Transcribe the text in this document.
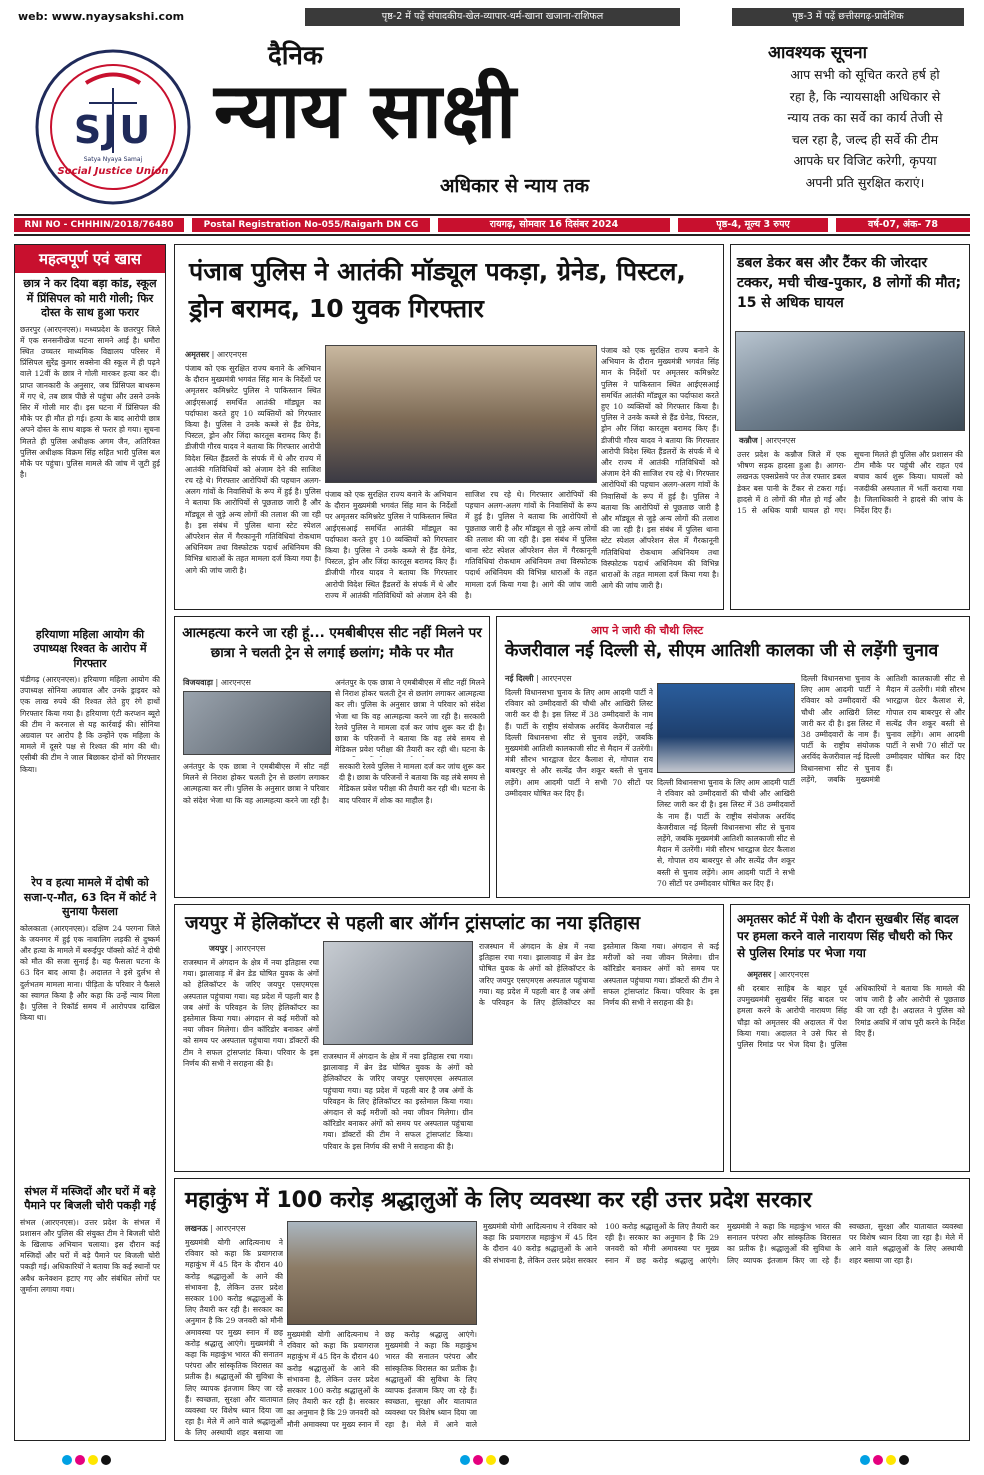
web: www.nyaysakshi.com	पृष्ठ-2 में पढ़ें संपादकीय-खेल-व्यापार-धर्म-खाना खजाना-राशिफल	पृष्ठ-3 में पढ़ें छत्तीसगढ़-प्रादेशिक
SJU
Social Justice Union
Satya Nyaya Samaj
दैनिक
न्याय साक्षी
अधिकार से न्याय तक
आवश्यक सूचना
आप सभी को सूचित करते हर्ष हो
रहा है, कि न्यायसाक्षी अधिकार से
न्याय तक का सर्वे का कार्य तेजी से
चल रहा है, जल्द ही सर्वे की टीम
आपके घर विजिट करेगी, कृपया
अपनी प्रति सुरक्षित कराएं।
RNI NO - CHHHIN/2018/76480	Postal Registration No-055/Raigarh DN CG	रायगढ़, सोमवार 16 दिसंबर 2024	पृष्ठ-4, मूल्य 3 रुपए	वर्ष-07, अंक- 78
महत्वपूर्ण एवं खास
छात्र ने कर दिया बड़ा कांड, स्कूल में प्रिंसिपल को मारी गोली; फिर दोस्त के साथ हुआ फरार
छतरपुर (आरएनएस)। मध्यप्रदेश के छतरपुर जिले में एक सनसनीखेज घटना सामने आई है। धमौरा स्थित उच्चतर माध्यमिक विद्यालय परिसर में प्रिंसिपल सुरेंद्र कुमार सक्सेना की स्कूल में ही पढ़ने वाले 12वीं के छात्र ने गोली मारकर हत्या कर दी। प्राप्त जानकारी के अनुसार, जब प्रिंसिपल बाथरूम में गए थे, तब छात्र पीछे से पहुंचा और उसने उनके सिर में गोली मार दी। इस घटना में प्रिंसिपल की मौके पर ही मौत हो गई। हत्या के बाद आरोपी छात्र अपने दोस्त के साथ बाइक से फरार हो गया। सूचना मिलते ही पुलिस अधीक्षक अगम जैन, अतिरिक्त पुलिस अधीक्षक विक्रम सिंह सहित भारी पुलिस बल मौके पर पहुंचा। पुलिस मामले की जांच में जुटी हुई है।
हरियाणा महिला आयोग की उपाध्यक्ष रिश्वत के आरोप में गिरफ्तार
चंडीगढ़ (आरएनएस)। हरियाणा महिला आयोग की उपाध्यक्ष सोनिया अग्रवाल और उनके ड्राइवर को एक लाख रुपये की रिश्वत लेते हुए रंगे हाथों गिरफ्तार किया गया है। हरियाणा एंटी करप्शन ब्यूरो की टीम ने करनाल से यह कार्रवाई की। सोनिया अग्रवाल पर आरोप है कि उन्होंने एक महिला के मामले में दूसरे पक्ष से रिश्वत की मांग की थी। एसीबी की टीम ने जाल बिछाकर दोनों को गिरफ्तार किया।
रेप व हत्या मामले में दोषी को सजा-ए-मौत, 63 दिन में कोर्ट ने सुनाया फैसला
कोलकाता (आरएनएस)। दक्षिण 24 परगना जिले के जयनगर में हुई एक नाबालिग लड़की से दुष्कर्म और हत्या के मामले में बरूईपुर पॉक्सो कोर्ट ने दोषी को मौत की सजा सुनाई है। यह फैसला घटना के 63 दिन बाद आया है। अदालत ने इसे दुर्लभ से दुर्लभतम मामला माना। पीड़िता के परिवार ने फैसले का स्वागत किया है और कहा कि उन्हें न्याय मिला है। पुलिस ने रिकॉर्ड समय में आरोपपत्र दाखिल किया था।
संभल में मस्जिदों और घरों में बड़े पैमाने पर बिजली चोरी पकड़ी गई
संभल (आरएनएस)। उत्तर प्रदेश के संभल में प्रशासन और पुलिस की संयुक्त टीम ने बिजली चोरी के खिलाफ अभियान चलाया। इस दौरान कई मस्जिदों और घरों में बड़े पैमाने पर बिजली चोरी पकड़ी गई। अधिकारियों ने बताया कि कई स्थानों पर अवैध कनेक्शन हटाए गए और संबंधित लोगों पर जुर्माना लगाया गया।
पंजाब पुलिस ने आतंकी मॉड्यूल पकड़ा, ग्रेनेड, पिस्टल, ड्रोन बरामद, 10 युवक गिरफ्तार
अमृतसर | आरएनएस
पंजाब को एक सुरक्षित राज्य बनाने के अभियान के दौरान मुख्यमंत्री भगवंत सिंह मान के निर्देशों पर अमृतसर कमिश्नरेट पुलिस ने पाकिस्तान स्थित आईएसआई समर्थित आतंकी मॉड्यूल का पर्दाफाश करते हुए 10 व्यक्तियों को गिरफ्तार किया है। पुलिस ने उनके कब्जे से हैंड ग्रेनेड, पिस्टल, ड्रोन और जिंदा कारतूस बरामद किए हैं। डीजीपी गौरव यादव ने बताया कि गिरफ्तार आरोपी विदेश स्थित हैंडलरों के संपर्क में थे और राज्य में आतंकी गतिविधियों को अंजाम देने की साजिश रच रहे थे। गिरफ्तार आरोपियों की पहचान अलग-अलग गांवों के निवासियों के रूप में हुई है। पुलिस ने बताया कि आरोपियों से पूछताछ जारी है और मॉड्यूल से जुड़े अन्य लोगों की तलाश की जा रही है। इस संबंध में पुलिस थाना स्टेट स्पेशल ऑपरेशन सेल में गैरकानूनी गतिविधियां रोकथाम अधिनियम तथा विस्फोटक पदार्थ अधिनियम की विभिन्न धाराओं के तहत मामला दर्ज किया गया है। आगे की जांच जारी है।
पंजाब को एक सुरक्षित राज्य बनाने के अभियान के दौरान मुख्यमंत्री भगवंत सिंह मान के निर्देशों पर अमृतसर कमिश्नरेट पुलिस ने पाकिस्तान स्थित आईएसआई समर्थित आतंकी मॉड्यूल का पर्दाफाश करते हुए 10 व्यक्तियों को गिरफ्तार किया है। पुलिस ने उनके कब्जे से हैंड ग्रेनेड, पिस्टल, ड्रोन और जिंदा कारतूस बरामद किए हैं। डीजीपी गौरव यादव ने बताया कि गिरफ्तार आरोपी विदेश स्थित हैंडलरों के संपर्क में थे और राज्य में आतंकी गतिविधियों को अंजाम देने की साजिश रच रहे थे। गिरफ्तार आरोपियों की पहचान अलग-अलग गांवों के निवासियों के रूप में हुई है। पुलिस ने बताया कि आरोपियों से पूछताछ जारी है और मॉड्यूल से जुड़े अन्य लोगों की तलाश की जा रही है। इस संबंध में पुलिस थाना स्टेट स्पेशल ऑपरेशन सेल में गैरकानूनी गतिविधियां रोकथाम अधिनियम तथा विस्फोटक पदार्थ अधिनियम की विभिन्न धाराओं के तहत मामला दर्ज किया गया है। आगे की जांच जारी है।
पंजाब को एक सुरक्षित राज्य बनाने के अभियान के दौरान मुख्यमंत्री भगवंत सिंह मान के निर्देशों पर अमृतसर कमिश्नरेट पुलिस ने पाकिस्तान स्थित आईएसआई समर्थित आतंकी मॉड्यूल का पर्दाफाश करते हुए 10 व्यक्तियों को गिरफ्तार किया है। पुलिस ने उनके कब्जे से हैंड ग्रेनेड, पिस्टल, ड्रोन और जिंदा कारतूस बरामद किए हैं। डीजीपी गौरव यादव ने बताया कि गिरफ्तार आरोपी विदेश स्थित हैंडलरों के संपर्क में थे और राज्य में आतंकी गतिविधियों को अंजाम देने की साजिश रच रहे थे। गिरफ्तार आरोपियों की पहचान अलग-अलग गांवों के निवासियों के रूप में हुई है। पुलिस ने बताया कि आरोपियों से पूछताछ जारी है और मॉड्यूल से जुड़े अन्य लोगों की तलाश की जा रही है। इस संबंध में पुलिस थाना स्टेट स्पेशल ऑपरेशन सेल में गैरकानूनी गतिविधियां रोकथाम अधिनियम तथा विस्फोटक पदार्थ अधिनियम की विभिन्न धाराओं के तहत मामला दर्ज किया गया है। आगे की जांच जारी है।
डबल डेकर बस और टैंकर की जोरदार टक्कर, मची चीख-पुकार, 8 लोगों की मौत; 15 से अधिक घायल
कन्नौज | आरएनएस
उत्तर प्रदेश के कन्नौज जिले में एक भीषण सड़क हादसा हुआ है। आगरा-लखनऊ एक्सप्रेसवे पर तेज रफ्तार डबल डेकर बस पानी के टैंकर से टकरा गई। हादसे में 8 लोगों की मौत हो गई और 15 से अधिक यात्री घायल हो गए। सूचना मिलते ही पुलिस और प्रशासन की टीम मौके पर पहुंची और राहत एवं बचाव कार्य शुरू किया। घायलों को नजदीकी अस्पताल में भर्ती कराया गया है। जिलाधिकारी ने हादसे की जांच के निर्देश दिए हैं।
आत्महत्या करने जा रही हूं... एमबीबीएस सीट नहीं मिलने पर छात्रा ने चलती ट्रेन से लगाई छलांग; मौके पर मौत
विजयवाड़ा | आरएनएस	अनंतपुर के एक छात्रा ने एमबीबीएस में सीट नहीं मिलने से निराश होकर चलती ट्रेन से छलांग लगाकर आत्महत्या कर ली। पुलिस के अनुसार छात्रा ने परिवार को संदेश भेजा था कि वह आत्महत्या करने जा रही है। सरकारी रेलवे पुलिस ने मामला दर्ज कर जांच शुरू कर दी है। छात्रा के परिजनों ने बताया कि वह लंबे समय से मेडिकल प्रवेश परीक्षा की तैयारी कर रही थी। घटना के
अनंतपुर के एक छात्रा ने एमबीबीएस में सीट नहीं मिलने से निराश होकर चलती ट्रेन से छलांग लगाकर आत्महत्या कर ली। पुलिस के अनुसार छात्रा ने परिवार को संदेश भेजा था कि वह आत्महत्या करने जा रही है। सरकारी रेलवे पुलिस ने मामला दर्ज कर जांच शुरू कर दी है। छात्रा के परिजनों ने बताया कि वह लंबे समय से मेडिकल प्रवेश परीक्षा की तैयारी कर रही थी। घटना के बाद परिवार में शोक का माहौल है।
आप ने जारी की चौथी लिस्ट
केजरीवाल नई दिल्ली से, सीएम आतिशी कालका जी से लड़ेंगी चुनाव
नई दिल्ली | आरएनएस
दिल्ली विधानसभा चुनाव के लिए आम आदमी पार्टी ने रविवार को उम्मीदवारों की चौथी और आखिरी लिस्ट जारी कर दी है। इस लिस्ट में 38 उम्मीदवारों के नाम हैं। पार्टी के राष्ट्रीय संयोजक अरविंद केजरीवाल नई दिल्ली विधानसभा सीट से चुनाव लड़ेंगे, जबकि मुख्यमंत्री आतिशी कालकाजी सीट से मैदान में उतरेंगी। मंत्री सौरभ भारद्वाज ग्रेटर कैलाश से, गोपाल राय बाबरपुर से और सत्येंद्र जैन शकूर बस्ती से चुनाव लड़ेंगे। आम आदमी पार्टी ने सभी 70 सीटों पर उम्मीदवार घोषित कर दिए हैं।
दिल्ली विधानसभा चुनाव के लिए आम आदमी पार्टी ने रविवार को उम्मीदवारों की चौथी और आखिरी लिस्ट जारी कर दी है। इस लिस्ट में 38 उम्मीदवारों के नाम हैं। पार्टी के राष्ट्रीय संयोजक अरविंद केजरीवाल नई दिल्ली विधानसभा सीट से चुनाव लड़ेंगे, जबकि मुख्यमंत्री आतिशी कालकाजी सीट से मैदान में उतरेंगी। मंत्री सौरभ भारद्वाज ग्रेटर कैलाश से, गोपाल राय बाबरपुर से और सत्येंद्र जैन शकूर बस्ती से चुनाव लड़ेंगे। आम आदमी पार्टी ने सभी 70 सीटों पर उम्मीदवार घोषित कर दिए हैं।
दिल्ली विधानसभा चुनाव के लिए आम आदमी पार्टी ने रविवार को उम्मीदवारों की चौथी और आखिरी लिस्ट जारी कर दी है। इस लिस्ट में 38 उम्मीदवारों के नाम हैं। पार्टी के राष्ट्रीय संयोजक अरविंद केजरीवाल नई दिल्ली विधानसभा सीट से चुनाव लड़ेंगे, जबकि मुख्यमंत्री आतिशी कालकाजी सीट से मैदान में उतरेंगी। मंत्री सौरभ भारद्वाज ग्रेटर कैलाश से, गोपाल राय बाबरपुर से और सत्येंद्र जैन शकूर बस्ती से चुनाव लड़ेंगे। आम आदमी पार्टी ने सभी 70 सीटों पर उम्मीदवार घोषित कर दिए हैं।
जयपुर में हेलिकॉप्टर से पहली बार ऑर्गन ट्रांसप्लांट का नया इतिहास
जयपुर | आरएनएस
राजस्थान में अंगदान के क्षेत्र में नया इतिहास रचा गया। झालावाड़ में ब्रेन डेड घोषित युवक के अंगों को हेलिकॉप्टर के जरिए जयपुर एसएमएस अस्पताल पहुंचाया गया। यह प्रदेश में पहली बार है जब अंगों के परिवहन के लिए हेलिकॉप्टर का इस्तेमाल किया गया। अंगदान से कई मरीजों को नया जीवन मिलेगा। ग्रीन कॉरिडोर बनाकर अंगों को समय पर अस्पताल पहुंचाया गया। डॉक्टरों की टीम ने सफल ट्रांसप्लांट किया। परिवार के इस निर्णय की सभी ने सराहना की है।
राजस्थान में अंगदान के क्षेत्र में नया इतिहास रचा गया। झालावाड़ में ब्रेन डेड घोषित युवक के अंगों को हेलिकॉप्टर के जरिए जयपुर एसएमएस अस्पताल पहुंचाया गया। यह प्रदेश में पहली बार है जब अंगों के परिवहन के लिए हेलिकॉप्टर का इस्तेमाल किया गया। अंगदान से कई मरीजों को नया जीवन मिलेगा। ग्रीन कॉरिडोर बनाकर अंगों को समय पर अस्पताल पहुंचाया गया। डॉक्टरों की टीम ने सफल ट्रांसप्लांट किया। परिवार के इस निर्णय की सभी ने सराहना की है।
राजस्थान में अंगदान के क्षेत्र में नया इतिहास रचा गया। झालावाड़ में ब्रेन डेड घोषित युवक के अंगों को हेलिकॉप्टर के जरिए जयपुर एसएमएस अस्पताल पहुंचाया गया। यह प्रदेश में पहली बार है जब अंगों के परिवहन के लिए हेलिकॉप्टर का इस्तेमाल किया गया। अंगदान से कई मरीजों को नया जीवन मिलेगा। ग्रीन कॉरिडोर बनाकर अंगों को समय पर अस्पताल पहुंचाया गया। डॉक्टरों की टीम ने सफल ट्रांसप्लांट किया। परिवार के इस निर्णय की सभी ने सराहना की है।
अमृतसर कोर्ट में पेशी के दौरान सुखबीर सिंह बादल पर हमला करने वाले नारायण सिंह चौधरी को फिर से पुलिस रिमांड पर भेजा गया
अमृतसर | आरएनएस
श्री दरबार साहिब के बाहर पूर्व उपमुख्यमंत्री सुखबीर सिंह बादल पर हमला करने के आरोपी नारायण सिंह चौड़ा को अमृतसर की अदालत में पेश किया गया। अदालत ने उसे फिर से पुलिस रिमांड पर भेज दिया है। पुलिस अधिकारियों ने बताया कि मामले की जांच जारी है और आरोपी से पूछताछ की जा रही है। अदालत ने पुलिस को रिमांड अवधि में जांच पूरी करने के निर्देश दिए हैं।
महाकुंभ में 100 करोड़ श्रद्धालुओं के लिए व्यवस्था कर रही उत्तर प्रदेश सरकार
लखनऊ | आरएनएस
मुख्यमंत्री योगी आदित्यनाथ ने रविवार को कहा कि प्रयागराज महाकुंभ में 45 दिन के दौरान 40 करोड़ श्रद्धालुओं के आने की संभावना है, लेकिन उत्तर प्रदेश सरकार 100 करोड़ श्रद्धालुओं के लिए तैयारी कर रही है। सरकार का अनुमान है कि 29 जनवरी को मौनी अमावस्या पर मुख्य स्नान में छह करोड़ श्रद्धालु आएंगे। मुख्यमंत्री ने कहा कि महाकुंभ भारत की सनातन परंपरा और सांस्कृतिक विरासत का प्रतीक है। श्रद्धालुओं की सुविधा के लिए व्यापक इंतजाम किए जा रहे हैं। स्वच्छता, सुरक्षा और यातायात व्यवस्था पर विशेष ध्यान दिया जा रहा है। मेले में आने वाले श्रद्धालुओं के लिए अस्थायी शहर बसाया जा
मुख्यमंत्री योगी आदित्यनाथ ने रविवार को कहा कि प्रयागराज महाकुंभ में 45 दिन के दौरान 40 करोड़ श्रद्धालुओं के आने की संभावना है, लेकिन उत्तर प्रदेश सरकार 100 करोड़ श्रद्धालुओं के लिए तैयारी कर रही है। सरकार का अनुमान है कि 29 जनवरी को मौनी अमावस्या पर मुख्य स्नान में छह करोड़ श्रद्धालु आएंगे। मुख्यमंत्री ने कहा कि महाकुंभ भारत की सनातन परंपरा और सांस्कृतिक विरासत का प्रतीक है। श्रद्धालुओं की सुविधा के लिए व्यापक इंतजाम किए जा रहे हैं। स्वच्छता, सुरक्षा और यातायात व्यवस्था पर विशेष ध्यान दिया जा रहा है। मेले में आने वाले
मुख्यमंत्री योगी आदित्यनाथ ने रविवार को कहा कि प्रयागराज महाकुंभ में 45 दिन के दौरान 40 करोड़ श्रद्धालुओं के आने की संभावना है, लेकिन उत्तर प्रदेश सरकार 100 करोड़ श्रद्धालुओं के लिए तैयारी कर रही है। सरकार का अनुमान है कि 29 जनवरी को मौनी अमावस्या पर मुख्य स्नान में छह करोड़ श्रद्धालु आएंगे। मुख्यमंत्री ने कहा कि महाकुंभ भारत की सनातन परंपरा और सांस्कृतिक विरासत का प्रतीक है। श्रद्धालुओं की सुविधा के लिए व्यापक इंतजाम किए जा रहे हैं। स्वच्छता, सुरक्षा और यातायात व्यवस्था पर विशेष ध्यान दिया जा रहा है। मेले में आने वाले श्रद्धालुओं के लिए अस्थायी शहर बसाया जा रहा है।
